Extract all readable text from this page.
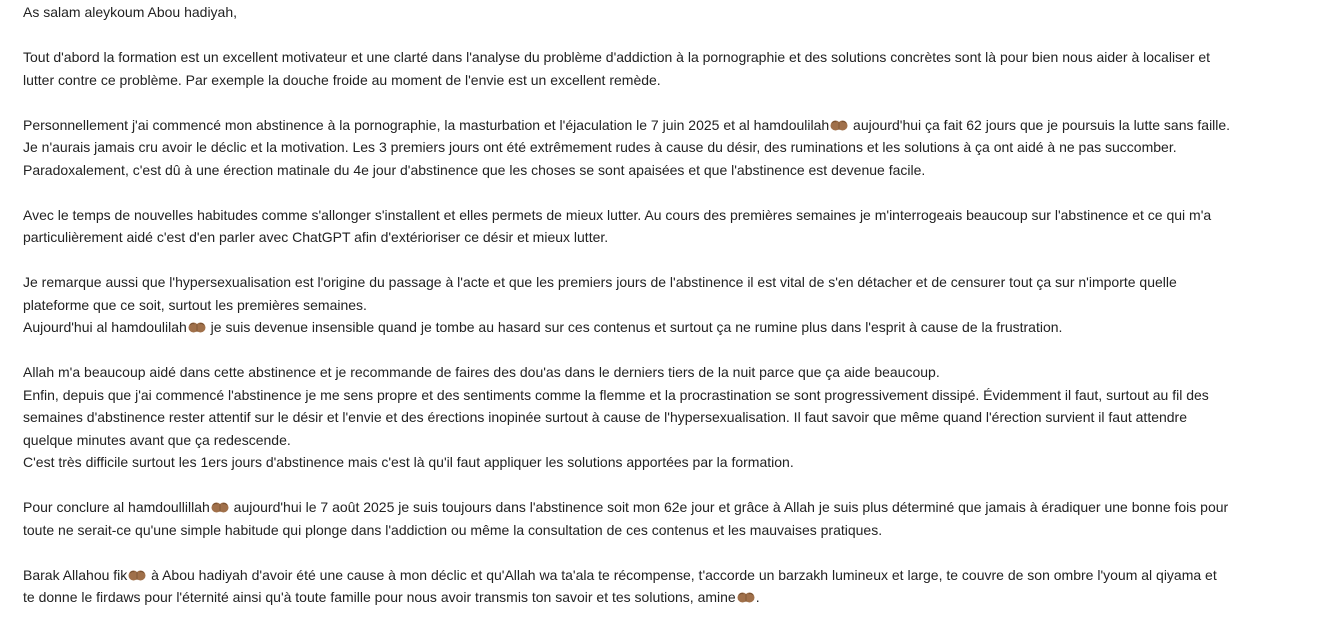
As salam aleykoum Abou hadiyah,

Tout d'abord la formation est un excellent motivateur et une clarté dans l'analyse du problème d'addiction à la pornographie et des solutions concrètes sont là pour bien nous aider à localiser et
lutter contre ce problème. Par exemple la douche froide au moment de l'envie est un excellent remède.

Personnellement j'ai commencé mon abstinence à la pornographie, la masturbation et l'éjaculation le 7 juin 2025 et al hamdoulilah aujourd'hui ça fait 62 jours que je poursuis la lutte sans faille.
Je n'aurais jamais cru avoir le déclic et la motivation. Les 3 premiers jours ont été extrêmement rudes à cause du désir, des ruminations et les solutions à ça ont aidé à ne pas succomber.
Paradoxalement, c'est dû à une érection matinale du 4e jour d'abstinence que les choses se sont apaisées et que l'abstinence est devenue facile.

Avec le temps de nouvelles habitudes comme s'allonger s'installent et elles permets de mieux lutter. Au cours des premières semaines je m'interrogeais beaucoup sur l'abstinence et ce qui m'a
particulièrement aidé c'est d'en parler avec ChatGPT afin d'extérioriser ce désir et mieux lutter.

Je remarque aussi que l'hypersexualisation est l'origine du passage à l'acte et que les premiers jours de l'abstinence il est vital de s'en détacher et de censurer tout ça sur n'importe quelle
plateforme que ce soit, surtout les premières semaines.
Aujourd'hui al hamdoulilah je suis devenue insensible quand je tombe au hasard sur ces contenus et surtout ça ne rumine plus dans l'esprit à cause de la frustration.

Allah m'a beaucoup aidé dans cette abstinence et je recommande de faires des dou'as dans le derniers tiers de la nuit parce que ça aide beaucoup.
Enfin, depuis que j'ai commencé l'abstinence je me sens propre et des sentiments comme la flemme et la procrastination se sont progressivement dissipé. Évidemment il faut, surtout au fil des
semaines d'abstinence rester attentif sur le désir et l'envie et des érections inopinée surtout à cause de l'hypersexualisation. Il faut savoir que même quand l'érection survient il faut attendre
quelque minutes avant que ça redescende.
C'est très difficile surtout les 1ers jours d'abstinence mais c'est là qu'il faut appliquer les solutions apportées par la formation.

Pour conclure al hamdoullillah aujourd'hui le 7 août 2025 je suis toujours dans l'abstinence soit mon 62e jour et grâce à Allah je suis plus déterminé que jamais à éradiquer une bonne fois pour
toute ne serait-ce qu'une simple habitude qui plonge dans l'addiction ou même la consultation de ces contenus et les mauvaises pratiques.

Barak Allahou fik à Abou hadiyah d'avoir été une cause à mon déclic et qu'Allah wa ta'ala te récompense, t'accorde un barzakh lumineux et large, te couvre de son ombre l'youm al qiyama et
te donne le firdaws pour l'éternité ainsi qu'à toute famille pour nous avoir transmis ton savoir et tes solutions, amine .
